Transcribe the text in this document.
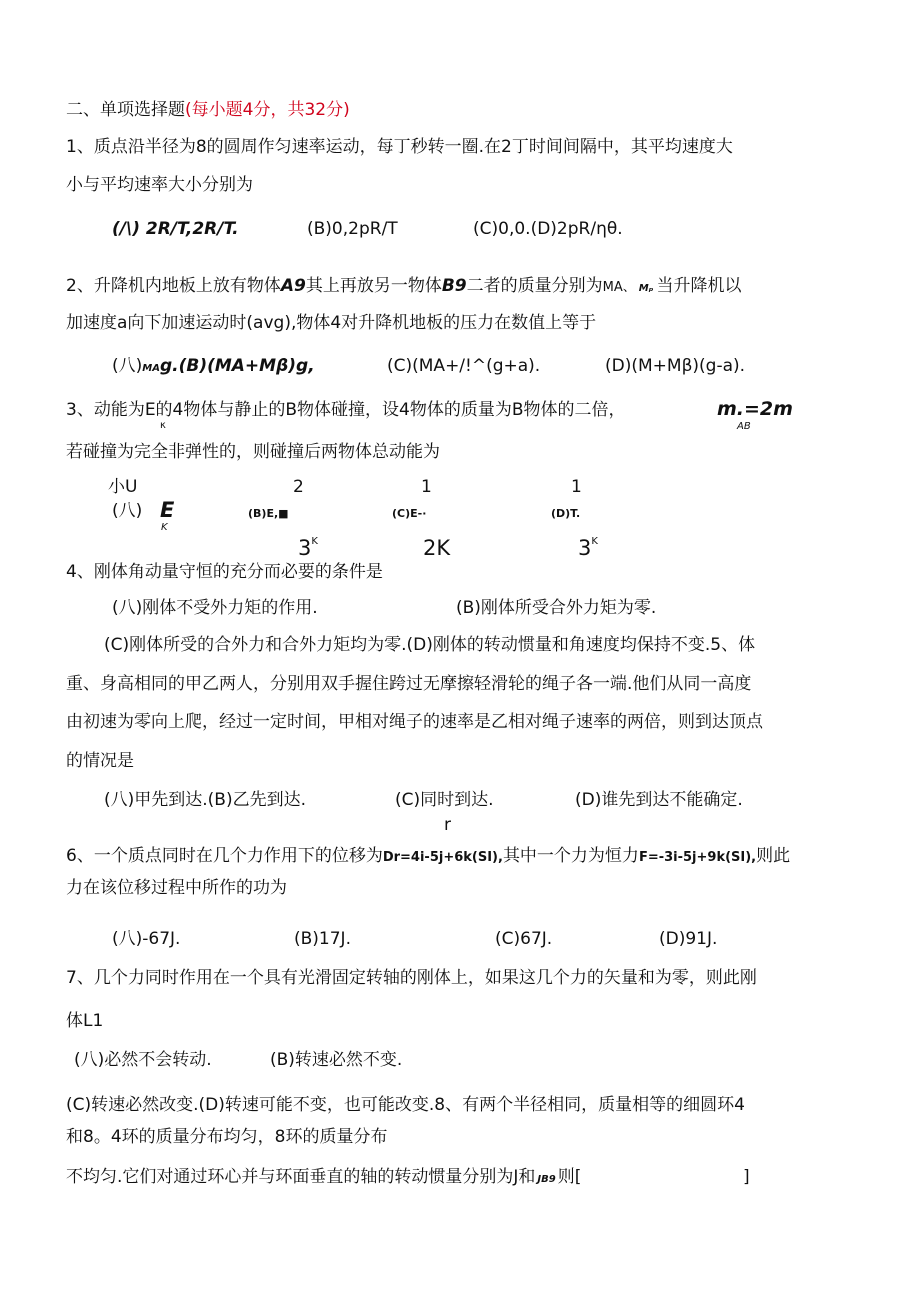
二、单项选择题(每小题4分，共32分)
1、质点沿半径为8的圆周作匀速率运动，每丁秒转一圈.在2丁时间间隔中，其平均速度大
小与平均速率大小分别为
(/\) 2R/T,2R/T.	(B)0,2pR/T	(C)0,0.(D)2pR/ηθ.
2、升降机内地板上放有物体A9其上再放另一物体B9二者的质量分别为MA、 Mₚ 当升降机以
加速度a向下加速运动时(avg),物体4对升降机地板的压力在数值上等于
(八)MAg.(B)(MA+Mβ)g,	(C)(MA+/!^(g+a).	(D)(M+Mβ)(g-a).
3、动能为E的4物体与静止的B物体碰撞，设4物体的质量为B物体的二倍，	m.=2m
κ	AB
若碰撞为完全非弹性的，则碰撞后两物体总动能为
小U	2	1	1
(八) E
K
(B)E,■	(C)E-·	(D)T.
$3^K$	2K	$3^K$
4、刚体角动量守恒的充分而必要的条件是
(八)刚体不受外力矩的作用.	(B)刚体所受合外力矩为零.
(C)刚体所受的合外力和合外力矩均为零.(D)刚体的转动惯量和角速度均保持不变.5、体
重、身高相同的甲乙两人，分别用双手握住跨过无摩擦轻滑轮的绳子各一端.他们从同一高度
由初速为零向上爬，经过一定时间，甲相对绳子的速率是乙相对绳子速率的两倍，则到达顶点
的情况是
(八)甲先到达.(B)乙先到达.	(C)同时到达.	(D)谁先到达不能确定.
r
6、一个质点同时在几个力作用下的位移为Dr=4i-5j+6k(SI),其中一个力为恒力F=-3i-5j+9k(SI),则此
力在该位移过程中所作的功为
(八)-67J.	(B)17J.	(C)67J.	(D)91J.
7、几个力同时作用在一个具有光滑固定转轴的刚体上，如果这几个力的矢量和为零，则此刚
体L1
(八)必然不会转动.	(B)转速必然不变.
(C)转速必然改变.(D)转速可能不变，也可能改变.8、有两个半径相同，质量相等的细圆环4
和8。4环的质量分布均匀，8环的质量分布
不均匀.它们对通过环心并与环面垂直的轴的转动惯量分别为J和 JB9 则[	]
